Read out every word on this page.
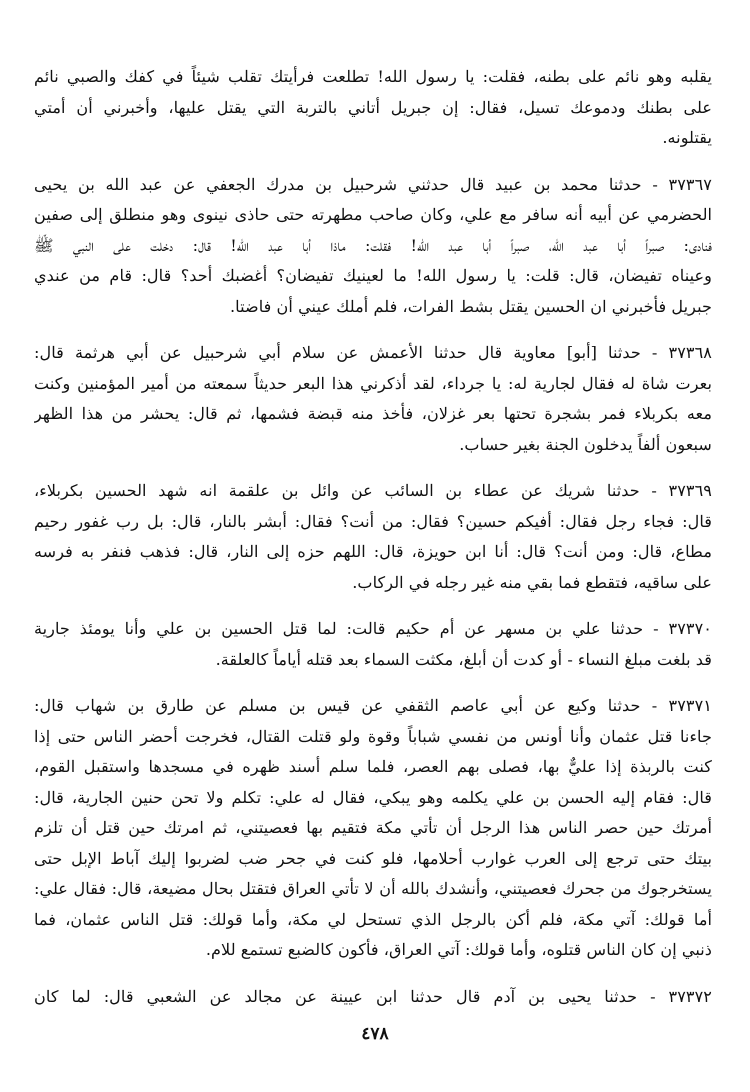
يقلبه وهو نائم على بطنه، فقلت: يا رسول الله! تطلعت فرأيتك تقلب شيئاً في كفك والصبي نائم
على بطنك ودموعك تسيل، فقال: إن جبريل أتاني بالتربة التي يقتل عليها، وأخبرني أن أمتي
يقتلونه.
٣٧٣٦٧ - حدثنا محمد بن عبيد قال حدثني شرحبيل بن مدرك الجعفي عن عبد الله بن يحيى
الحضرمي عن أبيه أنه سافر مع علي، وكان صاحب مطهرته حتى حاذى نينوى وهو منطلق إلى صفين
فنادى: صبراً أبا عبد الله، صبراً أبا عبد الله! فقلت: ماذا أبا عبد الله! قال: دخلت على النبي ﷺ
وعيناه تفيضان، قال: قلت: يا رسول الله! ما لعينيك تفيضان؟ أغضبك أحد؟ قال: قام من عندي
جبريل فأخبرني ان الحسين يقتل بشط الفرات، فلم أملك عيني أن فاضتا.
٣٧٣٦٨ - حدثنا [أبو] معاوية قال حدثنا الأعمش عن سلام أبي شرحبيل عن أبي هرثمة قال:
بعرت شاة له فقال لجارية له: يا جرداء، لقد أذكرني هذا البعر حديثاً سمعته من أمير المؤمنين وكنت
معه بكربلاء فمر بشجرة تحتها بعر غزلان، فأخذ منه قبضة فشمها، ثم قال: يحشر من هذا الظهر
سبعون ألفاً يدخلون الجنة بغير حساب.
٣٧٣٦٩ - حدثنا شريك عن عطاء بن السائب عن وائل بن علقمة انه شهد الحسين بكربلاء،
قال: فجاء رجل فقال: أفيكم حسين؟ فقال: من أنت؟ فقال: أبشر بالنار، قال: بل رب غفور رحيم
مطاع، قال: ومن أنت؟ قال: أنا ابن حويزة، قال: اللهم حزه إلى النار، قال: فذهب فنفر به فرسه
على ساقيه، فتقطع فما بقي منه غير رجله في الركاب.
٣٧٣٧٠ - حدثنا علي بن مسهر عن أم حكيم قالت: لما قتل الحسين بن علي وأنا يومئذ جارية
قد بلغت مبلغ النساء - أو كدت أن أبلغ، مكثت السماء بعد قتله أياماً كالعلقة.
٣٧٣٧١ - حدثنا وكيع عن أبي عاصم الثقفي عن قيس بن مسلم عن طارق بن شهاب قال:
جاءنا قتل عثمان وأنا أونس من نفسي شباباً وقوة ولو قتلت القتال، فخرجت أحضر الناس حتى إذا
كنت بالربذة إذا عليٌّ بها، فصلى بهم العصر، فلما سلم أسند ظهره في مسجدها واستقبل القوم،
قال: فقام إليه الحسن بن علي يكلمه وهو يبكي، فقال له علي: تكلم ولا تحن حنين الجارية، قال:
أمرتك حين حصر الناس هذا الرجل أن تأتي مكة فتقيم بها فعصيتني، ثم امرتك حين قتل أن تلزم
بيتك حتى ترجع إلى العرب غوارب أحلامها، فلو كنت في جحر ضب لضربوا إليك آباط الإبل حتى
يستخرجوك من جحرك فعصيتني، وأنشدك بالله أن لا تأتي العراق فتقتل بحال مضيعة، قال: فقال علي:
أما قولك: آتي مكة، فلم أكن بالرجل الذي تستحل لي مكة، وأما قولك: قتل الناس عثمان، فما
ذنبي إن كان الناس قتلوه، وأما قولك: آتي العراق، فأكون كالضبع تستمع للام.
٣٧٣٧٢ - حدثنا يحيى بن آدم قال حدثنا ابن عيينة عن مجالد عن الشعبي قال: لما كان
٤٧٨
